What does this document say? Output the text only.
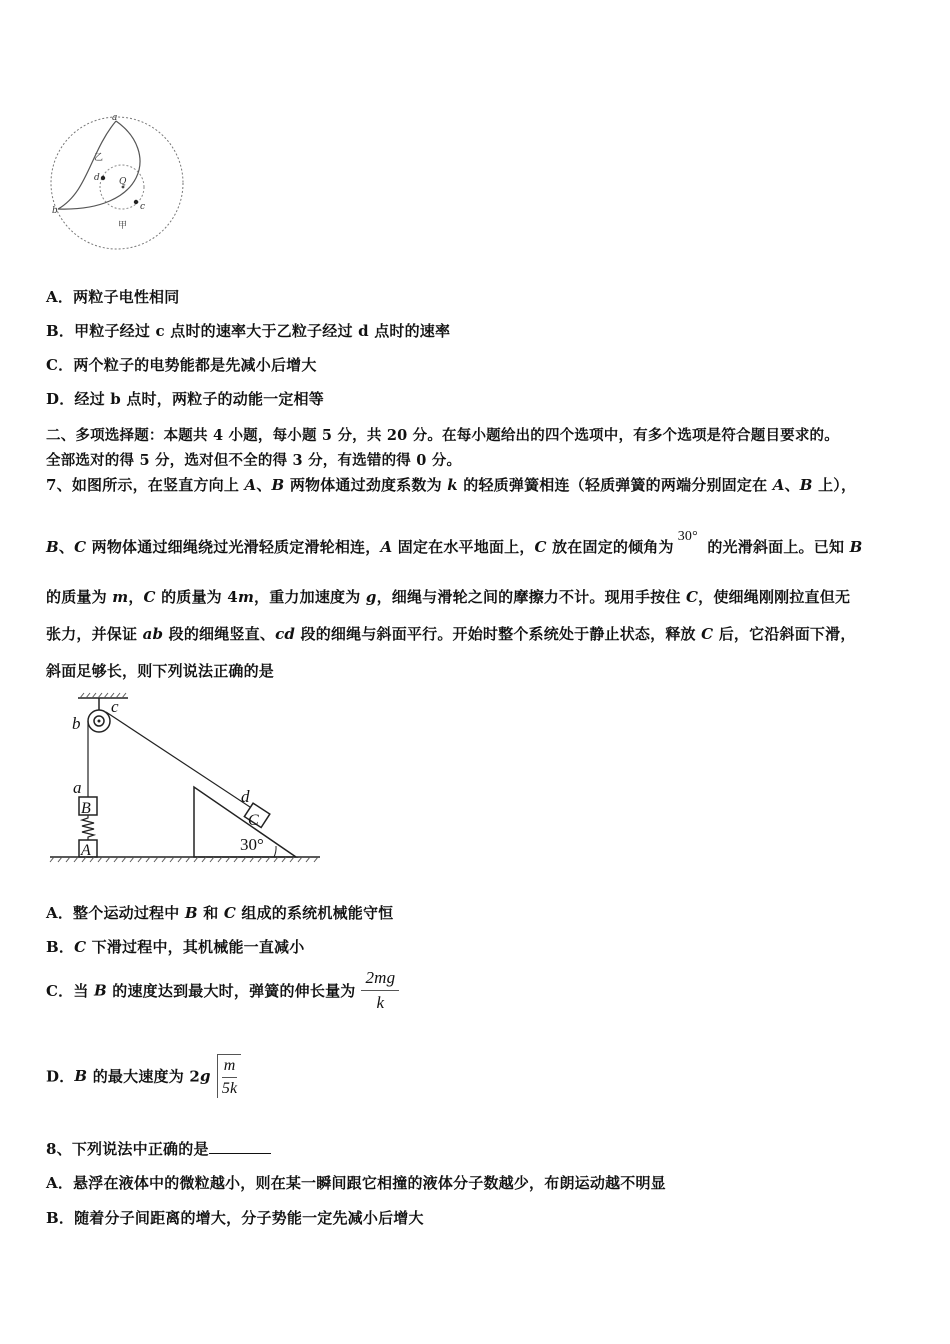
a
b
d
c
Q
乙
甲
A．两粒子电性相同
B．甲粒子经过 c 点时的速率大于乙粒子经过 d 点时的速率
C．两个粒子的电势能都是先减小后增大
D．经过 b 点时，两粒子的动能一定相等
二、多项选择题：本题共 4 小题，每小题 5 分，共 20 分。在每小题给出的四个选项中，有多个选项是符合题目要求的。
全部选对的得 5 分，选对但不全的得 3 分，有选错的得 0 分。
7、如图所示，在竖直方向上 A、B 两物体通过劲度系数为 k 的轻质弹簧相连（轻质弹簧的两端分别固定在 A、B 上），
B、C 两物体通过细绳绕过光滑轻质定滑轮相连，A 固定在水平地面上，C 放在固定的倾角为30° 的光滑斜面上。已知 B
的质量为 m，C 的质量为 4m，重力加速度为 g，细绳与滑轮之间的摩擦力不计。现用手按住 C，使细绳刚刚拉直但无
张力，并保证 ab 段的细绳竖直、cd 段的细绳与斜面平行。开始时整个系统处于静止状态，释放 C 后，它沿斜面下滑，
斜面足够长，则下列说法正确的是
b
c
a
B
A
d
C
30°
A．整个运动过程中 B 和 C 组成的系统机械能守恒
B．C 下滑过程中，其机械能一直减小
C．当 B 的速度达到最大时，弹簧的伸长量为 $\frac{2mg}{k}$
D．B 的最大速度为 $2g \frac{m}{5k}$
8、下列说法中正确的是
A．悬浮在液体中的微粒越小，则在某一瞬间跟它相撞的液体分子数越少，布朗运动越不明显
B．随着分子间距离的增大，分子势能一定先减小后增大
